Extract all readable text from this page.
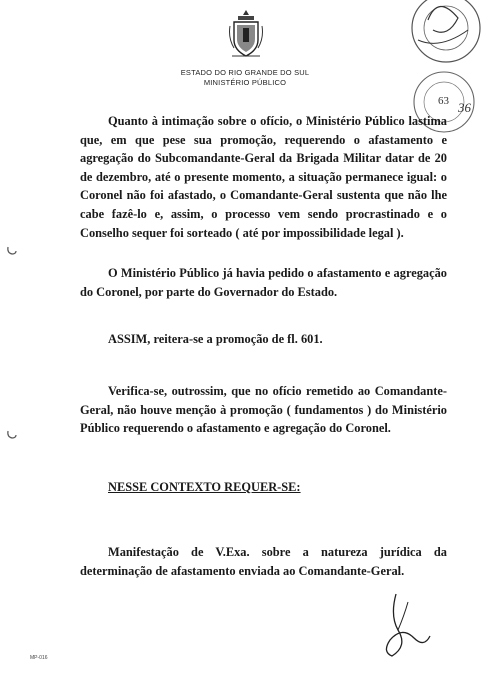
ESTADO DO RIO GRANDE DO SUL
MINISTÉRIO PÚBLICO
63 36

Quanto à intimação sobre o ofício, o Ministério Público lastima que, em que pese sua promoção, requerendo o afastamento e agregação do Subcomandante-Geral da Brigada Militar datar de 20 de dezembro, até o presente momento, a situação permanece igual: o Coronel não foi afastado, o Comandante-Geral sustenta que não lhe cabe fazê-lo e, assim, o processo vem sendo procrastinado e o Conselho sequer foi sorteado ( até por impossibilidade legal ).

O Ministério Público já havia pedido o afastamento e agregação do Coronel, por parte do Governador do Estado.

ASSIM, reitera-se a promoção de fl. 601.

Verifica-se, outrossim, que no ofício remetido ao Comandante-Geral, não houve menção à promoção ( fundamentos ) do Ministério Público requerendo o afastamento e agregação do Coronel.

NESSE CONTEXTO REQUER-SE:

Manifestação de V.Exa. sobre a natureza jurídica da determinação de afastamento enviada ao Comandante-Geral.

MP-016
